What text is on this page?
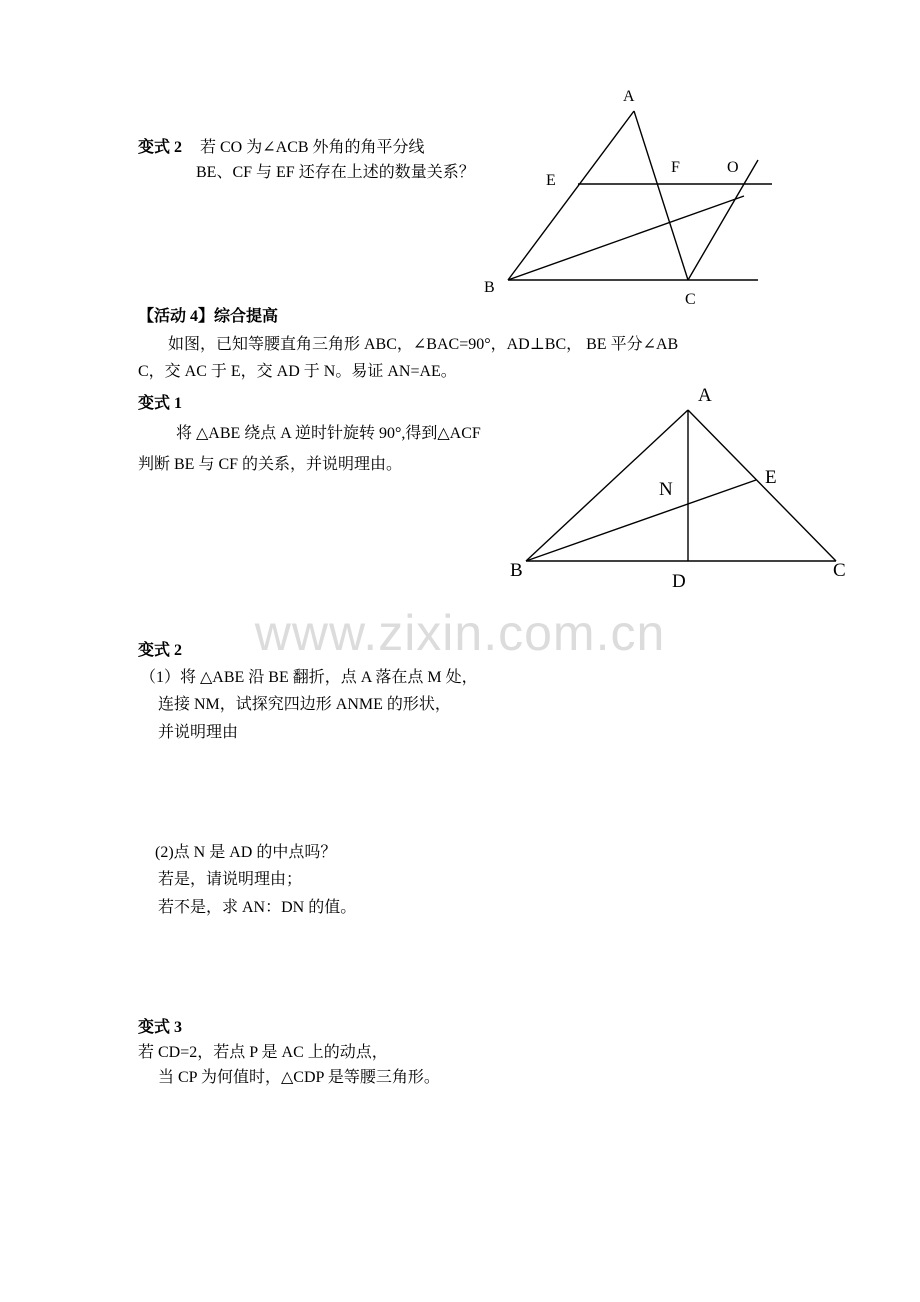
变式 2 若 CO 为∠ACB 外角的角平分线
BE、CF 与 EF 还存在上述的数量关系？
A
E
F	O
B
C
A
E
N
B
D
C
【活动 4】综合提高
如图，已知等腰直角三角形 ABC，∠BAC=90°，AD⊥BC， BE 平分∠AB
C，交 AC 于 E，交 AD 于 N。易证 AN=AE。
变式 1
将 △ABE 绕点 A 逆时针旋转 90°,得到△ACF
判断 BE 与 CF 的关系，并说明理由。
www.zixin.com.cn
变式 2
（1）将 △ABE 沿 BE 翻折，点 A 落在点 M 处，
连接 NM，试探究四边形 ANME 的形状，
并说明理由
(2)点 N 是 AD 的中点吗？
若是，请说明理由；
若不是，求 AN：DN 的值。
变式 3
若 CD=2，若点 P 是 AC 上的动点，
当 CP 为何值时，△CDP 是等腰三角形。
